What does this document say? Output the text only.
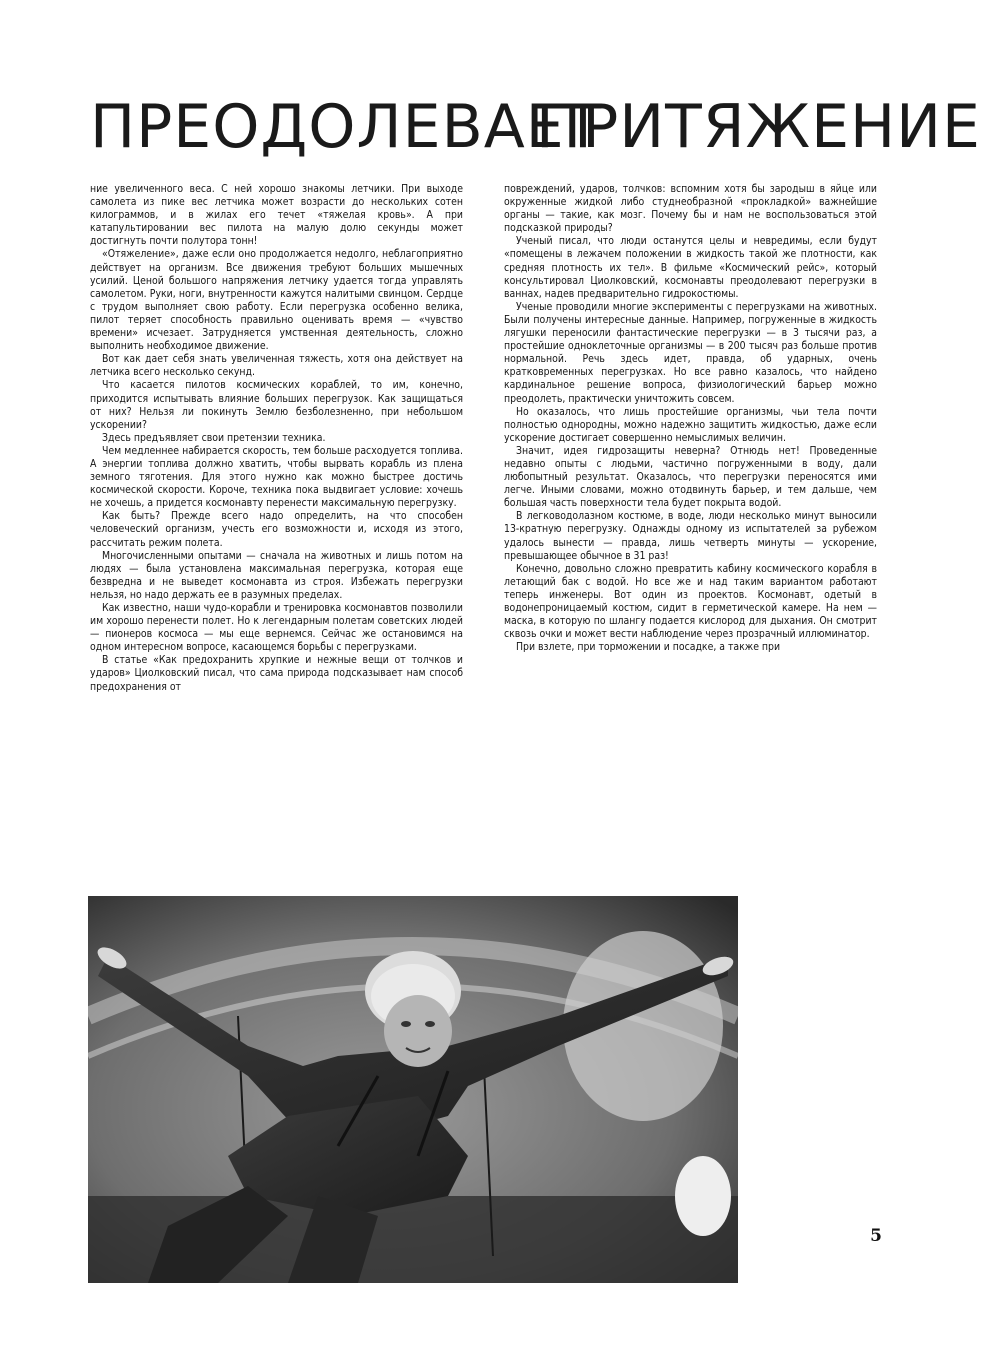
ПРЕОДОЛЕВАЕТ
ПРИТЯЖЕНИЕ

ние увеличенного веса. С ней хорошо знакомы летчики. При выходе самолета из пике вес летчика может возрасти до нескольких сотен килограммов, и в жилах его течет «тяжелая кровь». А при катапультировании вес пилота на малую долю секунды может достигнуть почти полутора тонн!

«Отяжеление», даже если оно продолжается недолго, неблагоприятно действует на организм. Все движения требуют больших мышечных усилий. Ценой большого напряжения летчику удается тогда управлять самолетом. Руки, ноги, внутренности кажутся налитыми свинцом. Сердце с трудом выполняет свою работу. Если перегрузка особенно велика, пилот теряет способность правильно оценивать время — «чувство времени» исчезает. Затрудняется умственная деятельность, сложно выполнить необходимое движение.

Вот как дает себя знать увеличенная тяжесть, хотя она действует на летчика всего несколько секунд.

Что касается пилотов космических кораблей, то им, конечно, приходится испытывать влияние больших перегрузок. Как защищаться от них? Нельзя ли покинуть Землю безболезненно, при небольшом ускорении?

Здесь предъявляет свои претензии техника.

Чем медленнее набирается скорость, тем больше расходуется топлива. А энергии топлива должно хватить, чтобы вырвать корабль из плена земного тяготения. Для этого нужно как можно быстрее достичь космической скорости. Короче, техника пока выдвигает условие: хочешь не хочешь, а придется космонавту перенести максимальную перегрузку.

Как быть? Прежде всего надо определить, на что способен человеческий организм, учесть его возможности и, исходя из этого, рассчитать режим полета.

Многочисленными опытами — сначала на животных и лишь потом на людях — была установлена максимальная перегрузка, которая еще безвредна и не выведет космонавта из строя. Избежать перегрузки нельзя, но надо держать ее в разумных пределах.

Как известно, наши чудо-корабли и тренировка космонавтов позволили им хорошо перенести полет. Но к легендарным полетам советских людей — пионеров космоса — мы еще вернемся. Сейчас же остановимся на одном интересном вопросе, касающемся борьбы с перегрузками.

В статье «Как предохранить хрупкие и нежные вещи от толчков и ударов» Циолковский писал, что сама природа подсказывает нам способ предохранения от

повреждений, ударов, толчков: вспомним хотя бы зародыш в яйце или окруженные жидкой либо студнеобразной «прокладкой» важнейшие органы — такие, как мозг. Почему бы и нам не воспользоваться этой подсказкой природы?

Ученый писал, что люди останутся целы и невредимы, если будут «помещены в лежачем положении в жидкость такой же плотности, как средняя плотность их тел». В фильме «Космический рейс», который консультировал Циолковский, космонавты преодолевают перегрузки в ваннах, надев предварительно гидрокостюмы.

Ученые проводили многие эксперименты с перегрузками на животных. Были получены интересные данные. Например, погруженные в жидкость лягушки переносили фантастические перегрузки — в 3 тысячи раз, а простейшие одноклеточные организмы — в 200 тысяч раз больше против нормальной. Речь здесь идет, правда, об ударных, очень кратковременных перегрузках. Но все равно казалось, что найдено кардинальное решение вопроса, физиологический барьер можно преодолеть, практически уничтожить совсем.

Но оказалось, что лишь простейшие организмы, чьи тела почти полностью однородны, можно надежно защитить жидкостью, даже если ускорение достигает совершенно немыслимых величин.

Значит, идея гидрозащиты неверна? Отнюдь нет! Проведенные недавно опыты с людьми, частично погруженными в воду, дали любопытный результат. Оказалось, что перегрузки переносятся ими легче. Иными словами, можно отодвинуть барьер, и тем дальше, чем большая часть поверхности тела будет покрыта водой.

В легководолазном костюме, в воде, люди несколько минут выносили 13-кратную перегрузку. Однажды одному из испытателей за рубежом удалось вынести — правда, лишь четверть минуты — ускорение, превышающее обычное в 31 раз!

Конечно, довольно сложно превратить кабину космического корабля в летающий бак с водой. Но все же и над таким вариантом работают теперь инженеры. Вот один из проектов. Космонавт, одетый в водонепроницаемый костюм, сидит в герметической камере. На нем — маска, в которую по шлангу подается кислород для дыхания. Он смотрит сквозь очки и может вести наблюдение через прозрачный иллюминатор.

При взлете, при торможении и посадке, а также при

5
